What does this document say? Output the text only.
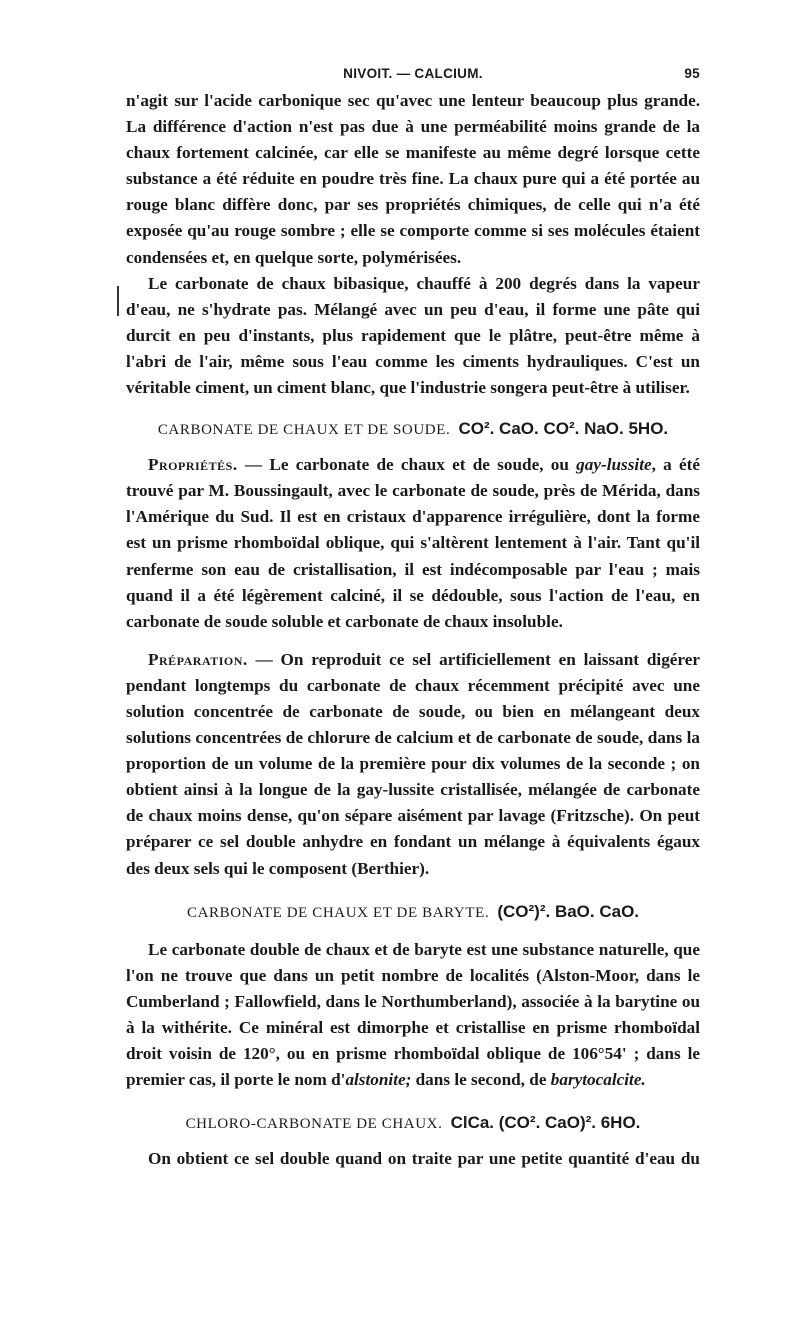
NIVOIT. — CALCIUM.	95

n'agit sur l'acide carbonique sec qu'avec une lenteur beaucoup plus grande. La différence d'action n'est pas due à une perméabilité moins grande de la chaux fortement calcinée, car elle se manifeste au même degré lorsque cette substance a été réduite en poudre très fine. La chaux pure qui a été portée au rouge blanc diffère donc, par ses propriétés chimiques, de celle qui n'a été exposée qu'au rouge sombre ; elle se comporte comme si ses molécules étaient condensées et, en quelque sorte, polymérisées.

Le carbonate de chaux bibasique, chauffé à 200 degrés dans la vapeur d'eau, ne s'hydrate pas. Mélangé avec un peu d'eau, il forme une pâte qui durcit en peu d'instants, plus rapidement que le plâtre, peut-être même à l'abri de l'air, même sous l'eau comme les ciments hydrauliques. C'est un véritable ciment, un ciment blanc, que l'industrie songera peut-être à utiliser.

CARBONATE DE CHAUX ET DE SOUDE. CO². CaO. CO². NaO. 5HO.

Propriétés. — Le carbonate de chaux et de soude, ou gay-lussite, a été trouvé par M. Boussingault, avec le carbonate de soude, près de Mérida, dans l'Amérique du Sud. Il est en cristaux d'apparence irrégulière, dont la forme est un prisme rhomboïdal oblique, qui s'altèrent lentement à l'air. Tant qu'il renferme son eau de cristallisation, il est indécomposable par l'eau ; mais quand il a été légèrement calciné, il se dédouble, sous l'action de l'eau, en carbonate de soude soluble et carbonate de chaux insoluble.

Préparation. — On reproduit ce sel artificiellement en laissant digérer pendant longtemps du carbonate de chaux récemment précipité avec une solution concentrée de carbonate de soude, ou bien en mélangeant deux solutions concentrées de chlorure de calcium et de carbonate de soude, dans la proportion de un volume de la première pour dix volumes de la seconde ; on obtient ainsi à la longue de la gay-lussite cristallisée, mélangée de carbonate de chaux moins dense, qu'on sépare aisément par lavage (Fritzsche). On peut préparer ce sel double anhydre en fondant un mélange à équivalents égaux des deux sels qui le composent (Berthier).

CARBONATE DE CHAUX ET DE BARYTE. (CO²)². BaO. CaO.

Le carbonate double de chaux et de baryte est une substance naturelle, que l'on ne trouve que dans un petit nombre de localités (Alston-Moor, dans le Cumberland ; Fallowfield, dans le Northumberland), associée à la barytine ou à la withérite. Ce minéral est dimorphe et cristallise en prisme rhomboïdal droit voisin de 120°, ou en prisme rhomboïdal oblique de 106°54' ; dans le premier cas, il porte le nom d'alstonite; dans le second, de barytocalcite.

CHLORO-CARBONATE DE CHAUX. ClCa. (CO². CaO)². 6HO.

On obtient ce sel double quand on traite par une petite quantité d'eau du
